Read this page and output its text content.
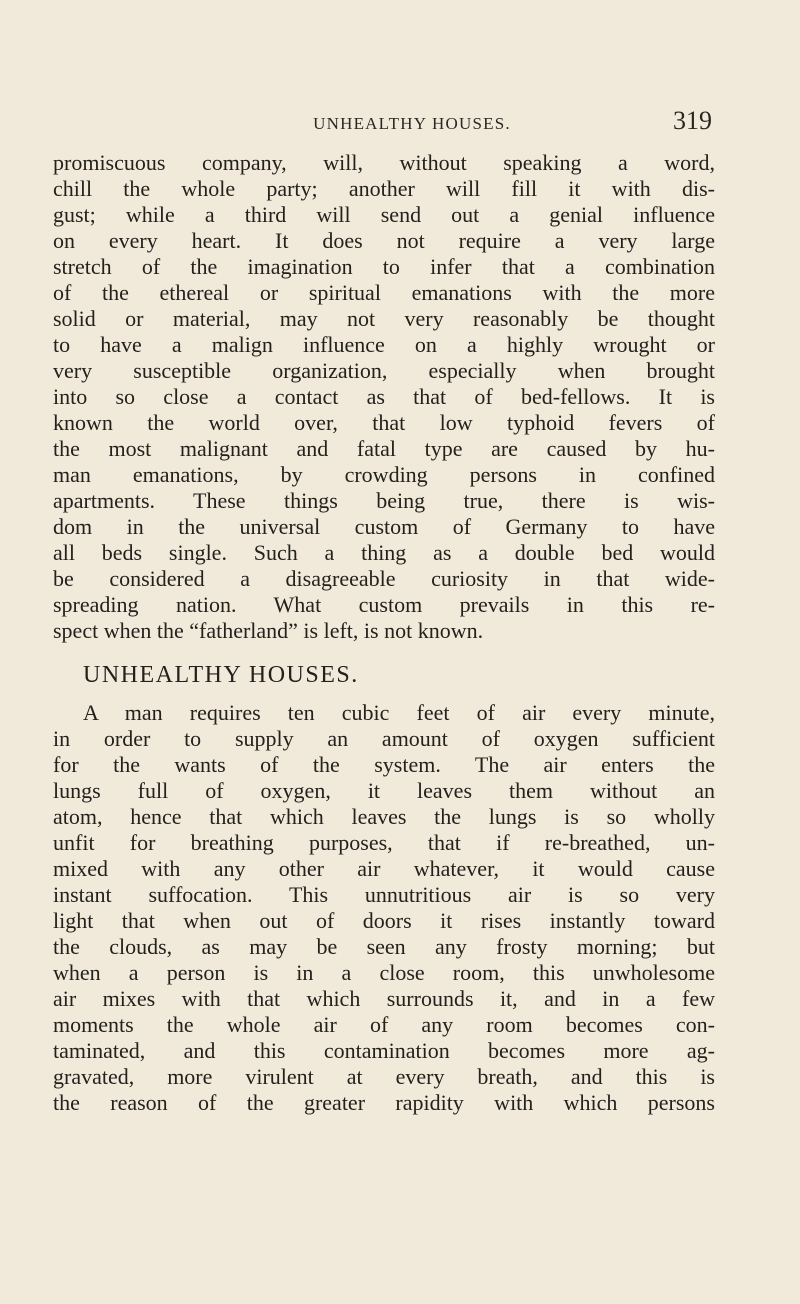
UNHEALTHY HOUSES.	319
promiscuous company, will, without speaking a word,
chill the whole party; another will fill it with dis-
gust; while a third will send out a genial influence
on every heart. It does not require a very large
stretch of the imagination to infer that a combination
of the ethereal or spiritual emanations with the more
solid or material, may not very reasonably be thought
to have a malign influence on a highly wrought or
very susceptible organization, especially when brought
into so close a contact as that of bed-fellows. It is
known the world over, that low typhoid fevers of
the most malignant and fatal type are caused by hu-
man emanations, by crowding persons in confined
apartments. These things being true, there is wis-
dom in the universal custom of Germany to have
all beds single. Such a thing as a double bed would
be considered a disagreeable curiosity in that wide-
spreading nation. What custom prevails in this re-
spect when the “fatherland” is left, is not known.
UNHEALTHY HOUSES.
A man requires ten cubic feet of air every minute,
in order to supply an amount of oxygen sufficient
for the wants of the system. The air enters the
lungs full of oxygen, it leaves them without an
atom, hence that which leaves the lungs is so wholly
unfit for breathing purposes, that if re-breathed, un-
mixed with any other air whatever, it would cause
instant suffocation. This unnutritious air is so very
light that when out of doors it rises instantly toward
the clouds, as may be seen any frosty morning; but
when a person is in a close room, this unwholesome
air mixes with that which surrounds it, and in a few
moments the whole air of any room becomes con-
taminated, and this contamination becomes more ag-
gravated, more virulent at every breath, and this is
the reason of the greater rapidity with which persons
